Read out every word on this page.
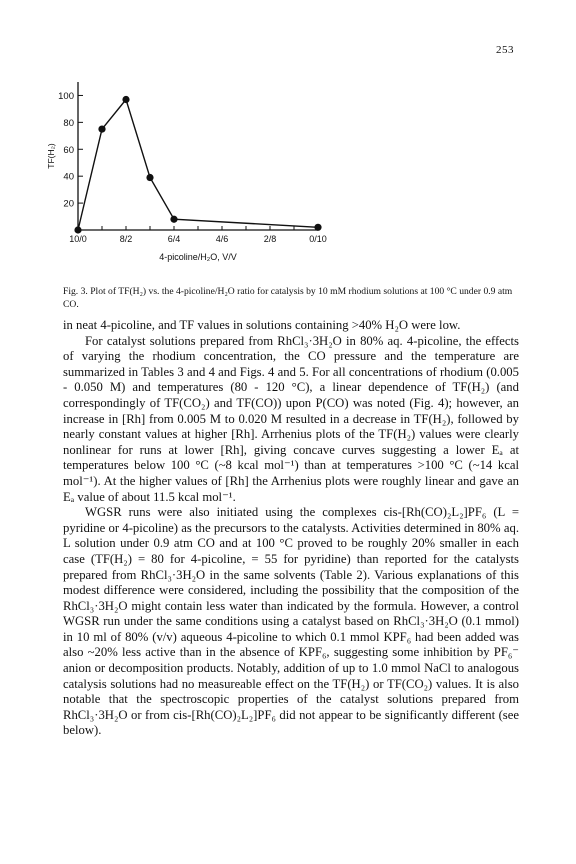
253
20
40
60
80
100
10/0	8/2	6/4	4/6	2/8	0/10
4-picoline/H₂O, V/V
TF(H₂)
Fig. 3. Plot of TF(H₂) vs. the 4-picoline/H₂O ratio for catalysis by 10 mM rhodium solutions at 100 °C under 0.9 atm CO.

in neat 4-picoline, and TF values in solutions containing >40% H₂O were low.

For catalyst solutions prepared from RhCl₃·3H₂O in 80% aq. 4-picoline, the effects of varying the rhodium concentration, the CO pressure and the temperature are summarized in Tables 3 and 4 and Figs. 4 and 5. For all concentrations of rhodium (0.005 - 0.050 M) and temperatures (80 - 120 °C), a linear dependence of TF(H₂) (and correspondingly of TF(CO₂) and TF(CO)) upon P(CO) was noted (Fig. 4); however, an increase in [Rh] from 0.005 M to 0.020 M resulted in a decrease in TF(H₂), followed by nearly constant values at higher [Rh]. Arrhenius plots of the TF(H₂) values were clearly nonlinear for runs at lower [Rh], giving concave curves suggesting a lower Eₐ at temperatures below 100 °C (~8 kcal mol⁻¹) than at temperatures >100 °C (~14 kcal mol⁻¹). At the higher values of [Rh] the Arrhenius plots were roughly linear and gave an Eₐ value of about 11.5 kcal mol⁻¹.

WGSR runs were also initiated using the complexes cis-[Rh(CO)₂L₂]PF₆ (L = pyridine or 4-picoline) as the precursors to the catalysts. Activities determined in 80% aq. L solution under 0.9 atm CO and at 100 °C proved to be roughly 20% smaller in each case (TF(H₂) = 80 for 4-picoline, = 55 for pyridine) than reported for the catalysts prepared from RhCl₃·3H₂O in the same solvents (Table 2). Various explanations of this modest difference were considered, including the possibility that the composition of the RhCl₃·3H₂O might contain less water than indicated by the formula. However, a control WGSR run under the same conditions using a catalyst based on RhCl₃·3H₂O (0.1 mmol) in 10 ml of 80% (v/v) aqueous 4-picoline to which 0.1 mmol KPF₆ had been added was also ~20% less active than in the absence of KPF₆, suggesting some inhibition by PF₆⁻ anion or decomposition products. Notably, addition of up to 1.0 mmol NaCl to analogous catalysis solutions had no measureable effect on the TF(H₂) or TF(CO₂) values. It is also notable that the spectroscopic properties of the catalyst solutions prepared from RhCl₃·3H₂O or from cis-[Rh(CO)₂L₂]PF₆ did not appear to be significantly different (see below).
